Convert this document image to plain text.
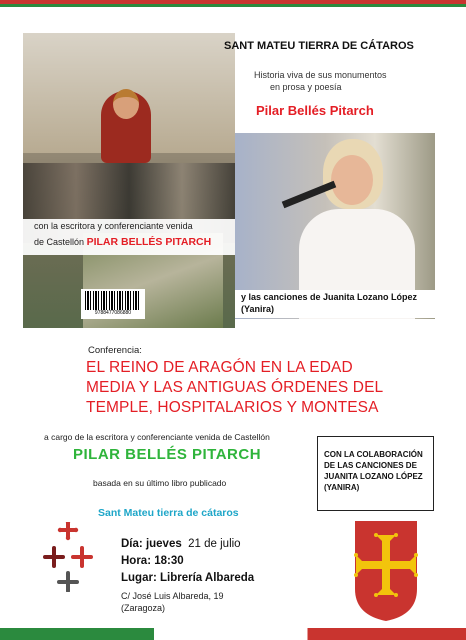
con la escritora y conferenciante venida
de Castellón PILAR BELLÉS PITARCH
9788477086880
SANT MATEU TIERRA DE CÁTAROS
Historia viva de sus monumentos
en prosa y poesía
Pilar Bellés Pitarch
y las canciones de Juanita Lozano López
(Yanira)
Conferencia:
EL REINO DE ARAGÓN EN LA EDAD
MEDIA Y LAS ANTIGUAS ÓRDENES DEL
TEMPLE, HOSPITALARIOS Y MONTESA
a cargo de la escritora y conferenciante venida de Castellón
PILAR BELLÉS PITARCH
basada en su último libro publicado
CON LA COLABORACIÓN
DE LAS CANCIONES DE
JUANITA LOZANO LÓPEZ
(YANIRA)
Sant Mateu tierra de cátaros
Día: jueves 21 de julio
Hora: 18:30
Lugar: Librería Albareda
C/ José Luis Albareda, 19
(Zaragoza)
